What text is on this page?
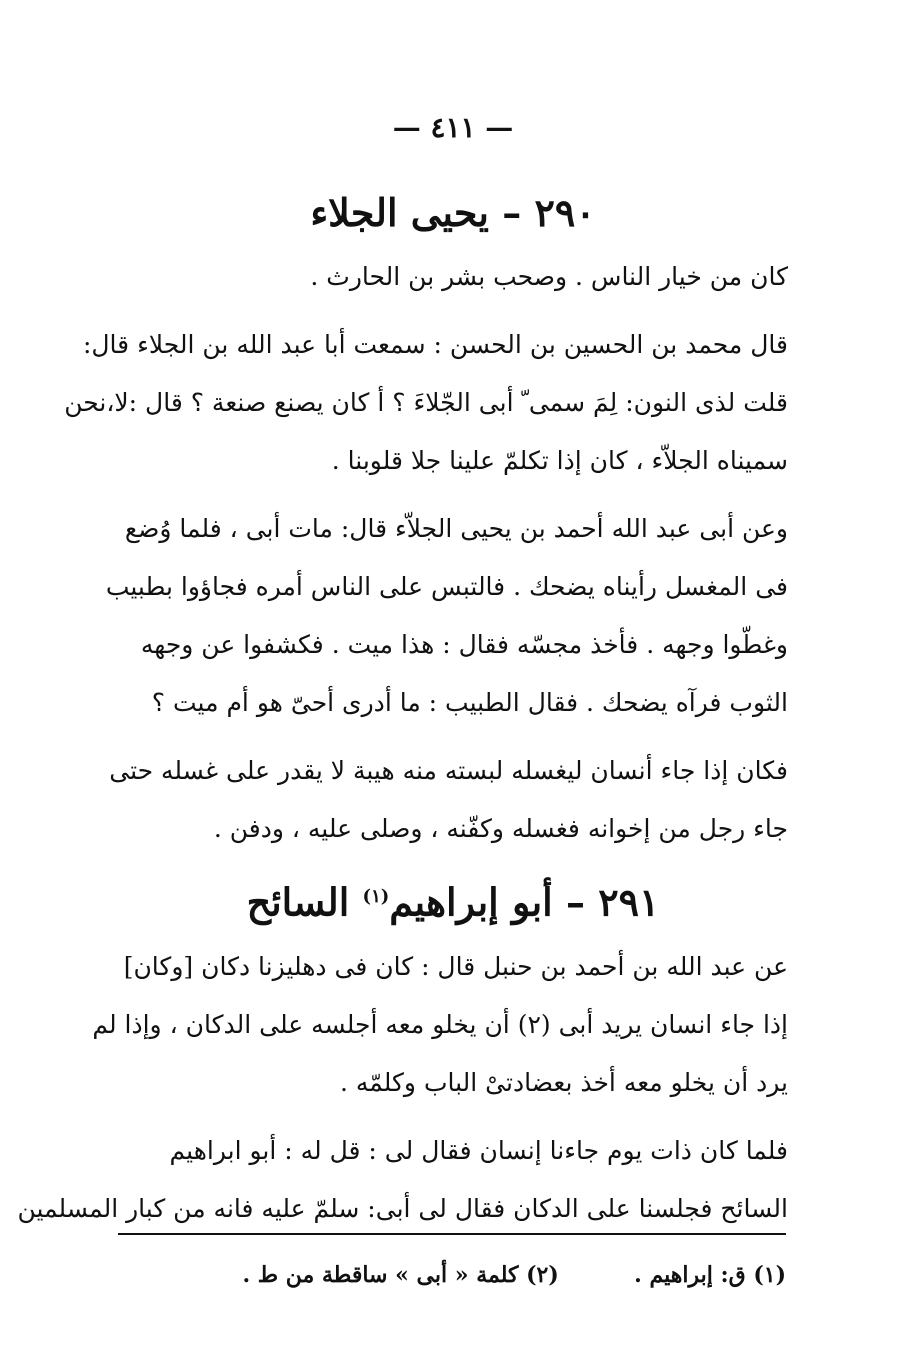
— ٤١١ —
٢٩٠ – يحيى الجلاء
كان من خيار الناس . وصحب بشر بن الحارث .
قال محمد بن الحسين بن الحسن : سمعت أبا عبد الله بن الجلاء قال:
قلت لذى النون: لِمَ سمى ّ أبى الجّلاءَ ؟ أ كان يصنع صنعة ؟ قال :لا،نحن
سميناه الجلاّء ، كان إذا تكلمّ علينا جلا قلوبنا .
وعن أبى عبد الله أحمد بن يحيى الجلاّء قال: مات أبى ، فلما وُضع
فى المغسل رأيناه يضحك . فالتبس على الناس أمره فجاؤوا بطبيب
وغطّوا وجهه . فأخذ مجسّه فقال : هذا ميت . فكشفوا عن وجهه
الثوب فرآه يضحك . فقال الطبيب : ما أدرى أحىّ هو أم ميت ؟
فكان إذا جاء أنسان ليغسله لبسته منه هيبة لا يقدر على غسله حتى
جاء رجل من إخوانه فغسله وكفّنه ، وصلى عليه ، ودفن .
٢٩١ – أبو إبراهيم$^{(١)}$ السائح
عن عبد الله بن أحمد بن حنبل قال : كان فى دهليزنا دكان [وكان]
إذا جاء انسان يريد أبى (٢) أن يخلو معه أجلسه على الدكان ، وإذا لم
يرد أن يخلو معه أخذ بعضادتىْ الباب وكلمّه .
فلما كان ذات يوم جاءنا إنسان فقال لى : قل له : أبو ابراهيم
السائح فجلسنا على الدكان فقال لى أبى: سلمّ عليه فانه من كبار المسلمين
(١) ق: إبراهيم .  (٢) كلمة « أبى » ساقطة من ط .
